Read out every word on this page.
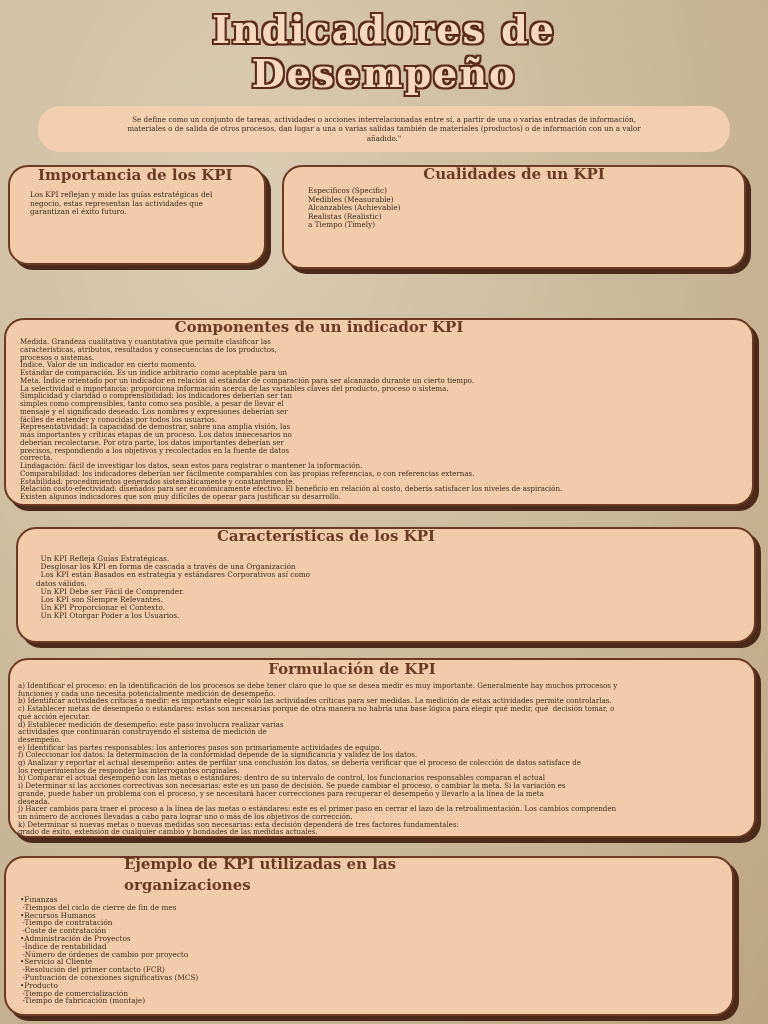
Indicadores de
Desempeño
Se define como un conjunto de tareas, actividades o acciones interrelacionadas entre sí, a partir de una o varias entradas de información, materiales o de salida de otros procesos, dan lugar a una o varias salidas también de materiales (productos) o de información con un a valor añadido."
Importancia de los KPI
Los KPI reflejan y mide las guías estratégicas del negocio, estas representan las actividades que garantizan el éxito futuro.
Cualidades de un KPI
Específicos (Specific)
Medibles (Measurable)
Alcanzables (Achievable)
Realistas (Realistic)
a Tiempo (Timely)
Componentes de un indicador KPI
Medida. Grandeza cualitativa y cuantitativa que permite clasificar las
características, atributos, resultados y consecuencias de los productos,
procesos o sistemas.
Índice. Valor de un indicador en cierto momento.
Estándar de comparación. Es un índice arbitrario como aceptable para un
Meta. Índice orientado por un indicador en relación al estándar de comparación para ser alcanzado durante un cierto tiempo.
La selectividad o importancia: proporciona información acerca de las variables claves del producto, proceso o sistema.
Simplicidad y claridad o comprensibilidad: los indicadores deberían ser tan
simples como comprensibles, tanto como sea posible, a pesar de llevar el
mensaje y el significado deseado. Los nombres y expresiones deberían ser
fáciles de entender y conocidas por todos los usuarios.
Representatividad: la capacidad de demostrar, sobre una amplia visión, las
más importantes y críticas etapas de un proceso. Los datos innecesarios no
deberían recolectarse. Por otra parte, los datos importantes deberían ser
precisos, respondiendo a los objetivos y recolectados en la fuente de datos
correcta.
Lindagación: fácil de investigar los datos, sean estos para registrar o mantener la información.
Comparabilidad: los indicadores deberían ser fácilmente comparables con las propias referencias, o con referencias externas.
Estabilidad: procedimientos generados sistemáticamente y constantemente.
Relación costo-efectividad: diseñados para ser económicamente efectivo. El beneficio en relación al costo, debería satisfacer los niveles de aspiración.
Existen algunos indicadores que son muy difíciles de operar para justificar su desarrollo.
Características de los KPI
Un KPI Refleja Guías Estratégicas.
Desglosar los KPI en forma de cascada a través de una Organización
Los KPI están Basados en estrategia y estándares Corporativos así como
datos válidos.
Un KPI Debe ser Fácil de Comprender.
Los KPI son Siempre Relevantes.
Un KPI Proporcionar el Contexto.
Un KPI Otorgar Poder a los Usuarios.
Formulación de KPI
a) Identificar el proceso: en la identificación de los procesos se debe tener claro que lo que se desea medir es muy importante. Generalmente hay muchos prrocesos y
funciones y cada uno necesita potencialmente medición de desempeño.
b) Identificar actividades críticas a medir: es importante elegir sólo las actividades críticas para ser medidas. La medición de estas actividades permite controlarlas.
c) Establecer metas de desempeño o estándares: estas son necesarias porque de otra manera no habría una base lógica para elegir qué medir, qué  decisión tomar, o
qué acción ejecutar.
d) Establecer medición de desempeño: este paso involucra realizar varias
actividades que continuarán construyendo el sistema de medición de
desempeño.
e) Identificar las partes responsables: los anteriores pasos son primariamente actividades de equipo.
f) Coleccionar los datos: la determinación de la conformidad depende de la significancia y validez de los datos.
g) Analizar y reportar el actual desempeño: antes de perfilar una conclusión los datos, se debería verificar que el proceso de colección de datos satisface de
los requerimientos de responder las interrogantes originales.
h) Comparar el actual desempeño con las metas o estándares: dentro de su intervalo de control, los funcionarios responsables comparan el actual
i) Determinar si las acciones correctivas son necesarias: este es un paso de decisión. Se puede cambiar el proceso, o cambiar la meta. Si la variación es
grande, puede haber un problema con el proceso, y se necesitará hacer correcciones para recuperar el desempeño y llevarlo a la línea de la meta
deseada.
j) Hacer cambios para traer el proceso a la línea de las metas o estándares: este es el primer paso en cerrar el lazo de la retroalimentación. Los cambios comprenden
un número de acciones llevadas a cabo para lograr uno o más de los objetivos de corrección.
k) Determinar si nuevas metas o nuevas medidas son necesarias: esta decisión dependerá de tres factores fundamentales:
grado de éxito, extensión de cualquier cambio y bondades de las medidas actuales.
Ejemplo de KPI utilizadas en las
organizaciones
•Finanzas
-Tiempos del ciclo de cierre de fin de mes
•Recursos Humanos
-Tiempo de contratación
-Coste de contratación
•Administración de Proyectos
-Índice de rentabilidad
-Número de órdenes de cambio por proyecto
•Servicio al Cliente
-Resolución del primer contacto (FCR)
-Puntuación de conexiones significativas (MCS)
•Producto
-Tiempo de comercialización
-Tiempo de fabricación (montaje)
